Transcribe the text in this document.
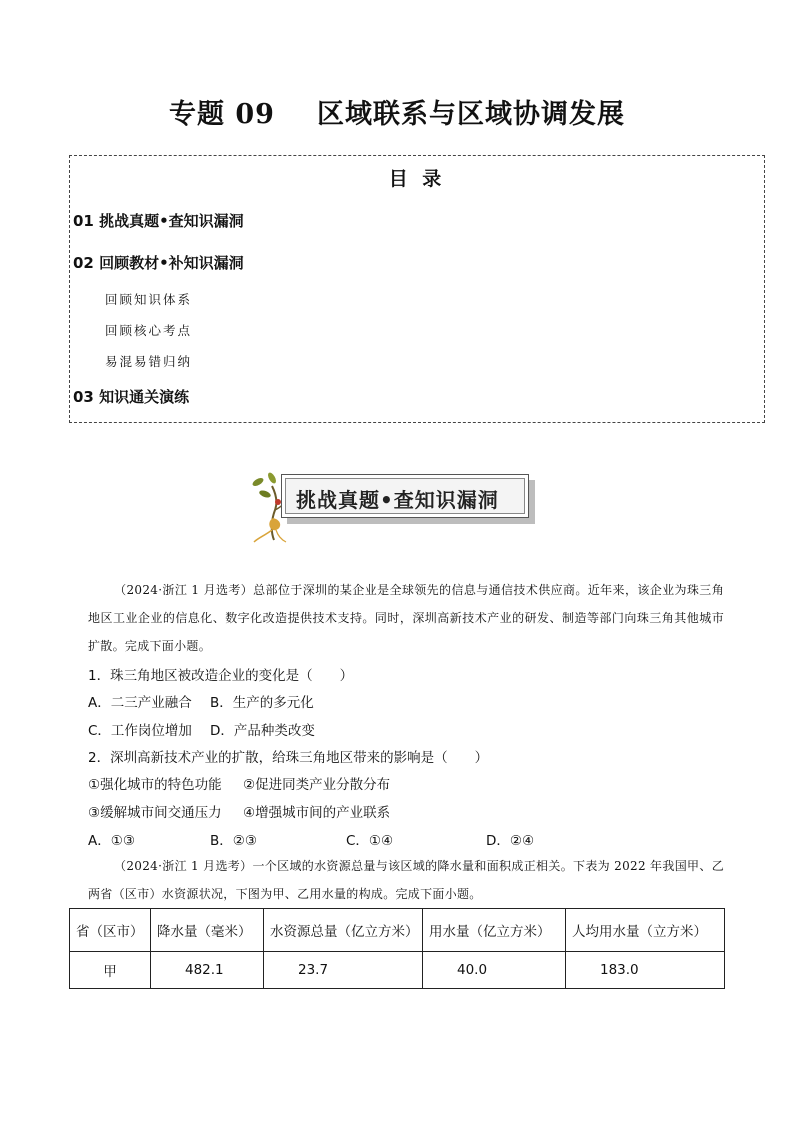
专题 09 区域联系与区域协调发展
目 录
01 挑战真题•查知识漏洞
02 回顾教材•补知识漏洞
回顾知识体系
回顾核心考点
易混易错归纳
03 知识通关演练
挑战真题•查知识漏洞
（2024·浙江 1 月选考）总部位于深圳的某企业是全球领先的信息与通信技术供应商。近年来，该企业为珠三角地区工业企业的信息化、数字化改造提供技术支持。同时，深圳高新技术产业的研发、制造等部门向珠三角其他城市扩散。完成下面小题。
1．珠三角地区被改造企业的变化是（　　）
A．二三产业融合 B．生产的多元化
C．工作岗位增加 D．产品种类改变
2．深圳高新技术产业的扩散，给珠三角地区带来的影响是（　　）
①强化城市的特色功能 ②促进同类产业分散分布
③缓解城市间交通压力 ④增强城市间的产业联系
A．①③	B．②③	C．①④	D．②④
（2024·浙江 1 月选考）一个区域的水资源总量与该区域的降水量和面积成正相关。下表为 2022 年我国甲、乙两省（区市）水资源状况，下图为甲、乙用水量的构成。完成下面小题。
省（区市）	降水量（毫米）	水资源总量（亿立方米）	用水量（亿立方米）	人均用水量（立方米）
甲	482.1	23.7	40.0	183.0
